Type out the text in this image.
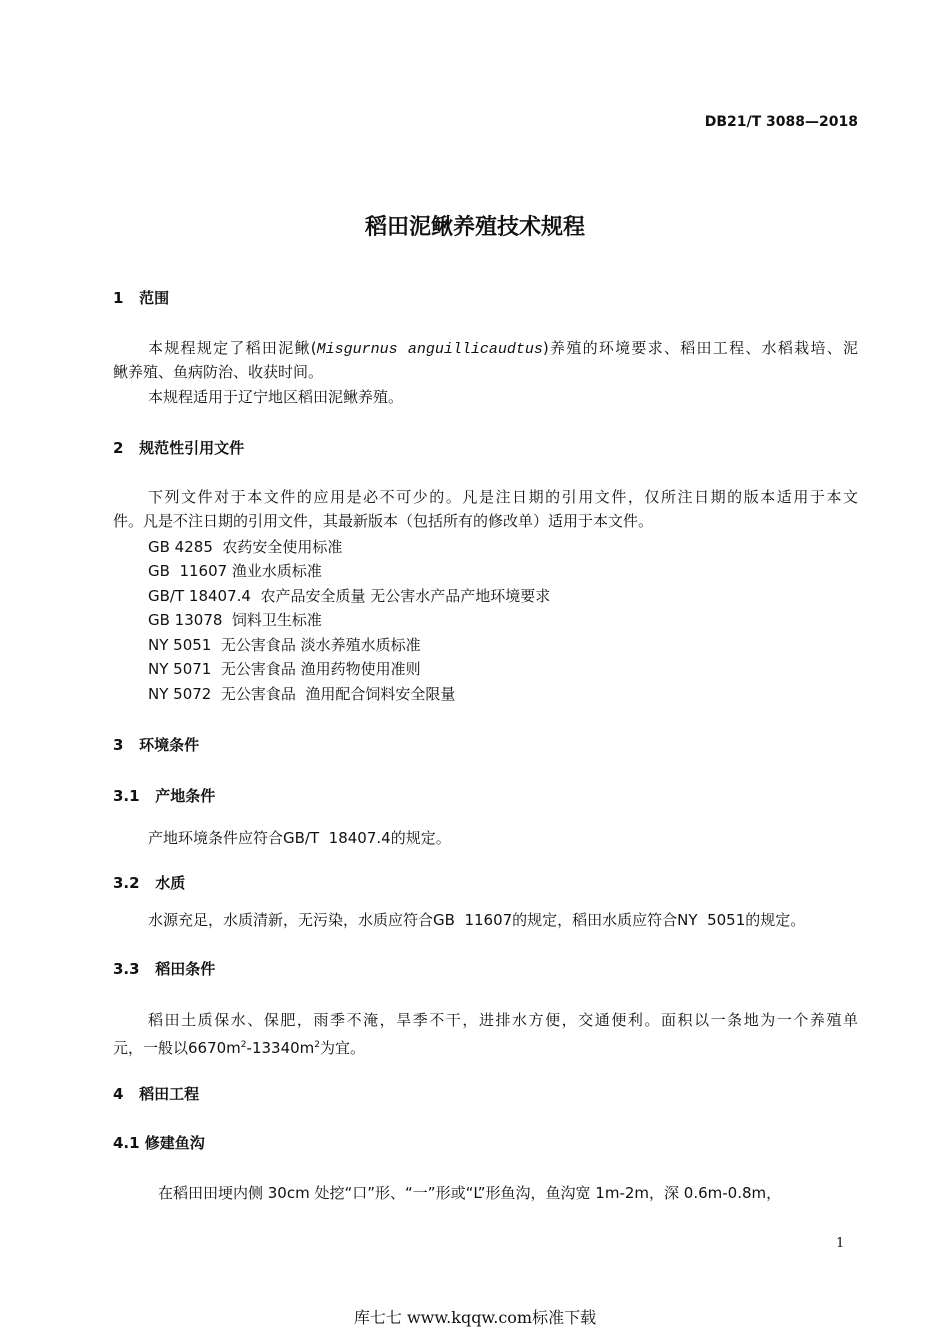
DB21/T 3088—2018
稻田泥鳅养殖技术规程
1   范围
本规程规定了稻田泥鳅(Misgurnus anguillicaudtus)养殖的环境要求、稻田工程、水稻栽培、泥
鳅养殖、鱼病防治、收获时间。
本规程适用于辽宁地区稻田泥鳅养殖。
2   规范性引用文件
下列文件对于本文件的应用是必不可少的。凡是注日期的引用文件，仅所注日期的版本适用于本文
件。凡是不注日期的引用文件，其最新版本（包括所有的修改单）适用于本文件。
GB 4285  农药安全使用标准
GB  11607 渔业水质标准
GB/T 18407.4  农产品安全质量 无公害水产品产地环境要求
GB 13078  饲料卫生标准
NY 5051  无公害食品 淡水养殖水质标准
NY 5071  无公害食品 渔用药物使用准则
NY 5072  无公害食品  渔用配合饲料安全限量
3   环境条件
3.1   产地条件
产地环境条件应符合GB/T  18407.4的规定。
3.2   水质
水源充足，水质清新，无污染，水质应符合GB  11607的规定，稻田水质应符合NY  5051的规定。
3.3   稻田条件
稻田土质保水、保肥，雨季不淹，旱季不干，进排水方便，交通便利。面积以一条地为一个养殖单
元，一般以$6670m^2-13340m^2$为宜。
4   稻田工程
4.1 修建鱼沟
在稻田田埂内侧 30cm 处挖“口”形、“一”形或“L”形鱼沟，鱼沟宽 1m-2m，深 0.6m-0.8m，
1
库七七 www.kqqw.com标准下载
